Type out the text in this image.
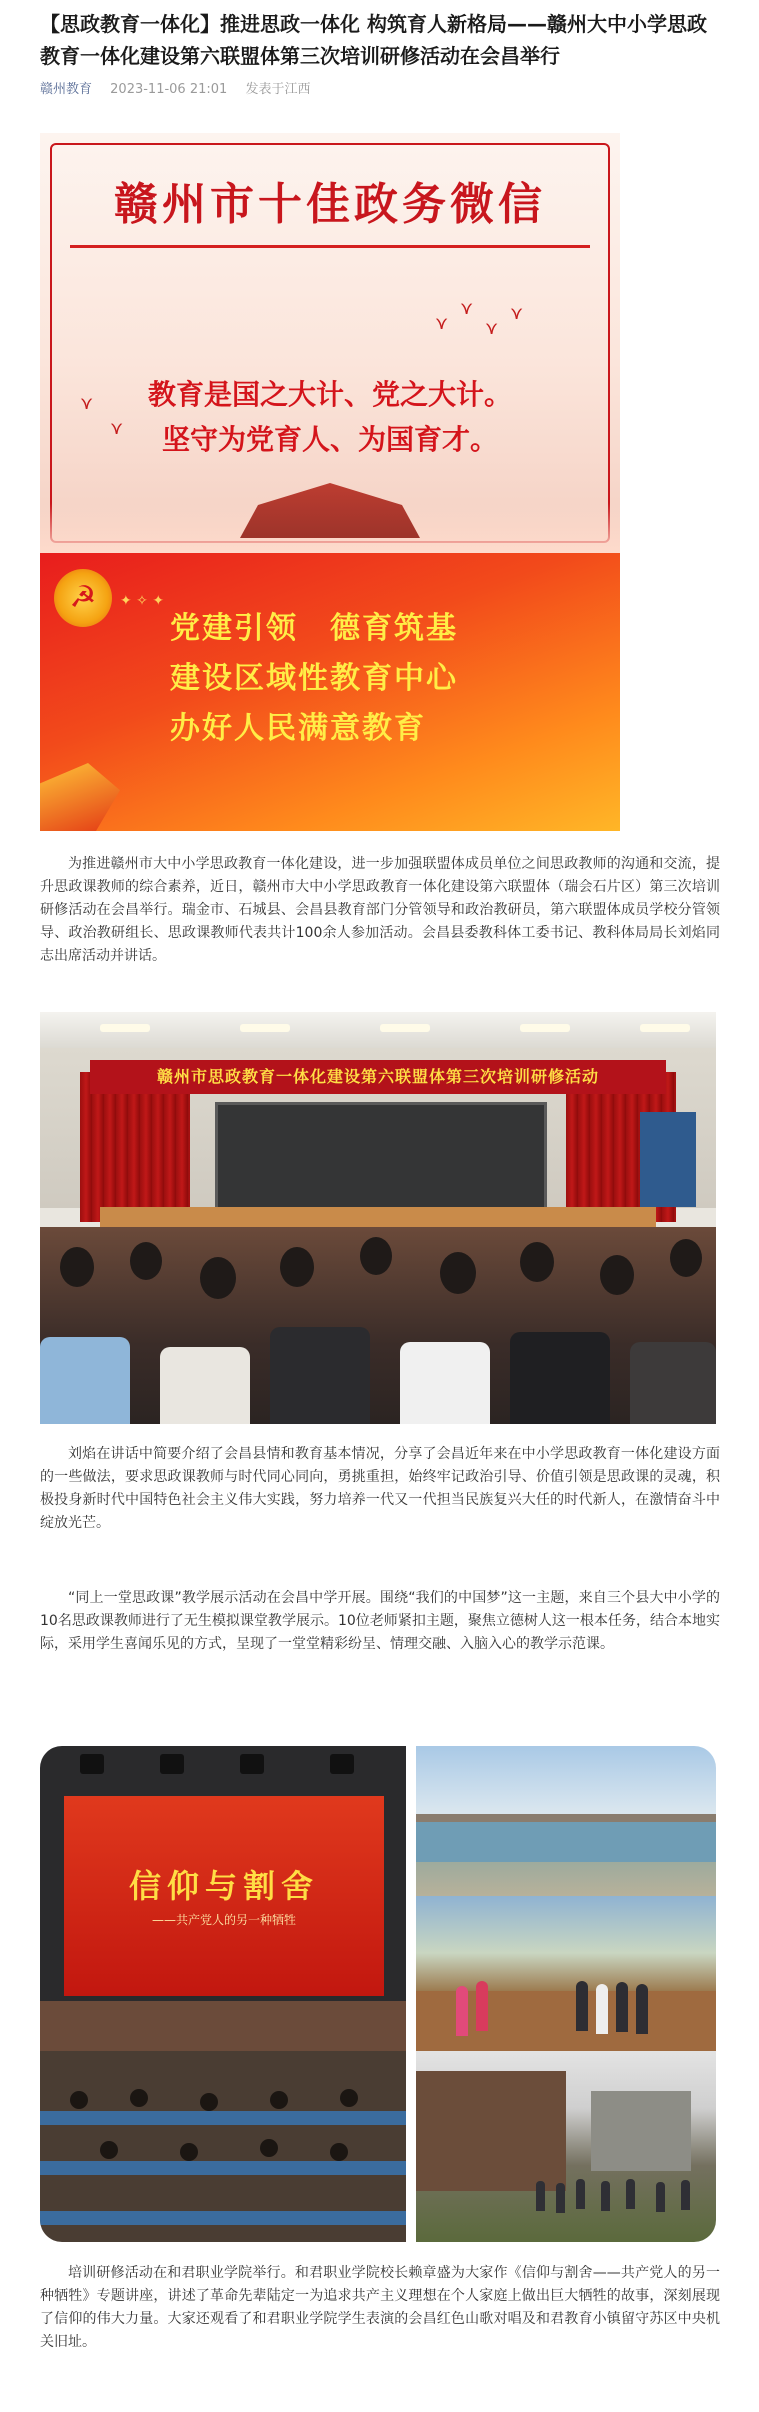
【思政教育一体化】推进思政一体化 构筑育人新格局——赣州大中小学思政教育一体化建设第六联盟体第三次培训研修活动在会昌举行
赣州教育 2023-11-06 21:01 发表于江西
赣州市十佳政务微信
⋎
⋎
⋎
⋎
⋎
⋎
教育是国之大计、党之大计。
坚守为党育人、为国育才。
☭	✦ ✧ ✦
党建引领　德育筑基
建设区域性教育中心
办好人民满意教育

为推进赣州市大中小学思政教育一体化建设，进一步加强联盟体成员单位之间思政教师的沟通和交流，提升思政课教师的综合素养，近日，赣州市大中小学思政教育一体化建设第六联盟体（瑞会石片区）第三次培训研修活动在会昌举行。瑞金市、石城县、会昌县教育部门分管领导和政治教研员，第六联盟体成员学校分管领导、政治教研组长、思政课教师代表共计100余人参加活动。会昌县委教科体工委书记、教科体局局长刘焰同志出席活动并讲话。

赣州市思政教育一体化建设第六联盟体第三次培训研修活动

刘焰在讲话中简要介绍了会昌县情和教育基本情况，分享了会昌近年来在中小学思政教育一体化建设方面的一些做法，要求思政课教师与时代同心同向，勇挑重担，始终牢记政治引导、价值引领是思政课的灵魂，积极投身新时代中国特色社会主义伟大实践，努力培养一代又一代担当民族复兴大任的时代新人，在激情奋斗中绽放光芒。

“同上一堂思政课”教学展示活动在会昌中学开展。围绕“我们的中国梦”这一主题，来自三个县大中小学的10名思政课教师进行了无生模拟课堂教学展示。10位老师紧扣主题，聚焦立德树人这一根本任务，结合本地实际，采用学生喜闻乐见的方式，呈现了一堂堂精彩纷呈、情理交融、入脑入心的教学示范课。

信仰与割舍
——共产党人的另一种牺牲

培训研修活动在和君职业学院举行。和君职业学院校长赖章盛为大家作《信仰与割舍——共产党人的另一种牺牲》专题讲座，讲述了革命先辈陆定一为追求共产主义理想在个人家庭上做出巨大牺牲的故事，深刻展现了信仰的伟大力量。大家还观看了和君职业学院学生表演的会昌红色山歌对唱及和君教育小镇留守苏区中央机关旧址。
